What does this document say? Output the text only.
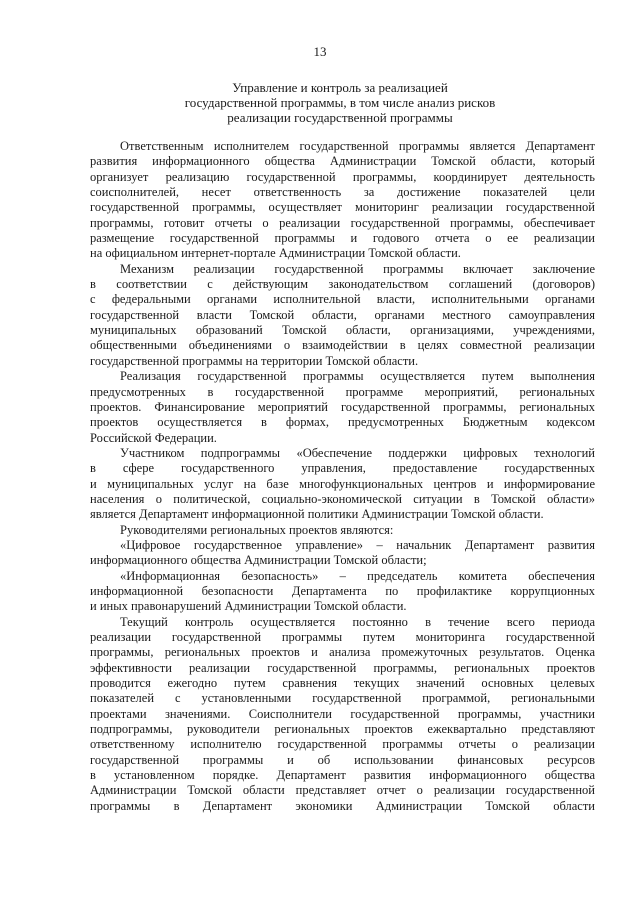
13
Управление и контроль за реализацией
государственной программы, в том числе анализ рисков
реализации государственной программы
Ответственным исполнителем государственной программы является Департамент
развития информационного общества Администрации Томской области, который
организует реализацию государственной программы, координирует деятельность
соисполнителей, несет ответственность за достижение показателей цели
государственной программы, осуществляет мониторинг реализации государственной
программы, готовит отчеты о реализации государственной программы, обеспечивает
размещение государственной программы и годового отчета о ее реализации
на официальном интернет-портале Администрации Томской области.
Механизм реализации государственной программы включает заключение
в соответствии с действующим законодательством соглашений (договоров)
с федеральными органами исполнительной власти, исполнительными органами
государственной власти Томской области, органами местного самоуправления
муниципальных образований Томской области, организациями, учреждениями,
общественными объединениями о взаимодействии в целях совместной реализации
государственной программы на территории Томской области.
Реализация государственной программы осуществляется путем выполнения
предусмотренных в государственной программе мероприятий, региональных
проектов. Финансирование мероприятий государственной программы, региональных
проектов осуществляется в формах, предусмотренных Бюджетным кодексом
Российской Федерации.
Участником подпрограммы «Обеспечение поддержки цифровых технологий
в сфере государственного управления, предоставление государственных
и муниципальных услуг на базе многофункциональных центров и информирование
населения о политической, социально-экономической ситуации в Томской области»
является Департамент информационной политики Администрации Томской области.
Руководителями региональных проектов являются:
«Цифровое государственное управление» – начальник Департамент развития
информационного общества Администрации Томской области;
«Информационная безопасность» – председатель комитета обеспечения
информационной безопасности Департамента по профилактике коррупционных
и иных правонарушений Администрации Томской области.
Текущий контроль осуществляется постоянно в течение всего периода
реализации государственной программы путем мониторинга государственной
программы, региональных проектов и анализа промежуточных результатов. Оценка
эффективности реализации государственной программы, региональных проектов
проводится ежегодно путем сравнения текущих значений основных целевых
показателей с установленными государственной программой, региональными
проектами значениями. Соисполнители государственной программы, участники
подпрограммы, руководители региональных проектов ежеквартально представляют
ответственному исполнителю государственной программы отчеты о реализации
государственной программы и об использовании финансовых ресурсов
в установленном порядке. Департамент развития информационного общества
Администрации Томской области представляет отчет о реализации государственной
программы в Департамент экономики Администрации Томской области
